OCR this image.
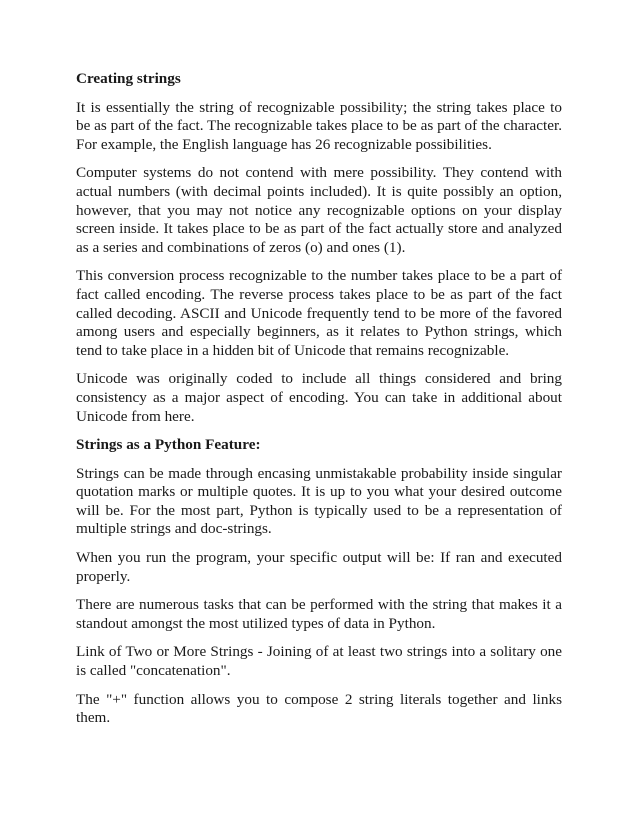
Creating strings
It is essentially the string of recognizable possibility; the string takes place to be as part of the fact. The recognizable takes place to be as part of the character. For example, the English language has 26 recognizable possibilities.
Computer systems do not contend with mere possibility. They contend with actual numbers (with decimal points included). It is quite possibly an option, however, that you may not notice any recognizable options on your display screen inside. It takes place to be as part of the fact actually store and analyzed as a series and combinations of zeros (o) and ones (1).
This conversion process recognizable to the number takes place to be a part of fact called encoding. The reverse process takes place to be as part of the fact called decoding. ASCII and Unicode frequently tend to be more of the favored among users and especially beginners, as it relates to Python strings, which tend to take place in a hidden bit of Unicode that remains recognizable.
Unicode was originally coded to include all things considered and bring consistency as a major aspect of encoding. You can take in additional about Unicode from here.
Strings as a Python Feature:
Strings can be made through encasing unmistakable probability inside singular quotation marks or multiple quotes. It is up to you what your desired outcome will be. For the most part, Python is typically used to be a representation of multiple strings and doc-strings.
When you run the program, your specific output will be: If ran and executed properly.
There are numerous tasks that can be performed with the string that makes it a standout amongst the most utilized types of data in Python.
Link of Two or More Strings - Joining of at least two strings into a solitary one is called "concatenation".
The "+" function allows you to compose 2 string literals together and links them.
